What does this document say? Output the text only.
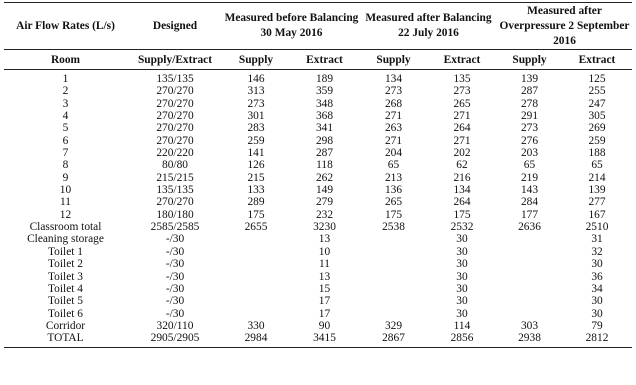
Air Flow Rates (L/s)	Designed	Measured before Balancing 30 May 2016		Measured after Balancing 22 July 2016		Measured after Overpressure 2 September 2016	
Room	Supply/Extract	Supply	Extract	Supply	Extract	Supply	Extract
1	135/135	146	189	134	135	139	125
2	270/270	313	359	273	273	287	255
3	270/270	273	348	268	265	278	247
4	270/270	301	368	271	271	291	305
5	270/270	283	341	263	264	273	269
6	270/270	259	298	271	271	276	259
7	220/220	141	287	204	202	203	188
8	80/80	126	118	65	62	65	65
9	215/215	215	262	213	216	219	214
10	135/135	133	149	136	134	143	139
11	270/270	289	279	265	264	284	277
12	180/180	175	232	175	175	177	167
Classroom total	2585/2585	2655	3230	2538	2532	2636	2510
Cleaning storage	-/30		13		30		31
Toilet 1	-/30		10		30		32
Toilet 2	-/30		11		30		30
Toilet 3	-/30		13		30		36
Toilet 4	-/30		15		30		34
Toilet 5	-/30		17		30		30
Toilet 6	-/30		17		30		30
Corridor	320/110	330	90	329	114	303	79
TOTAL	2905/2905	2984	3415	2867	2856	2938	2812
